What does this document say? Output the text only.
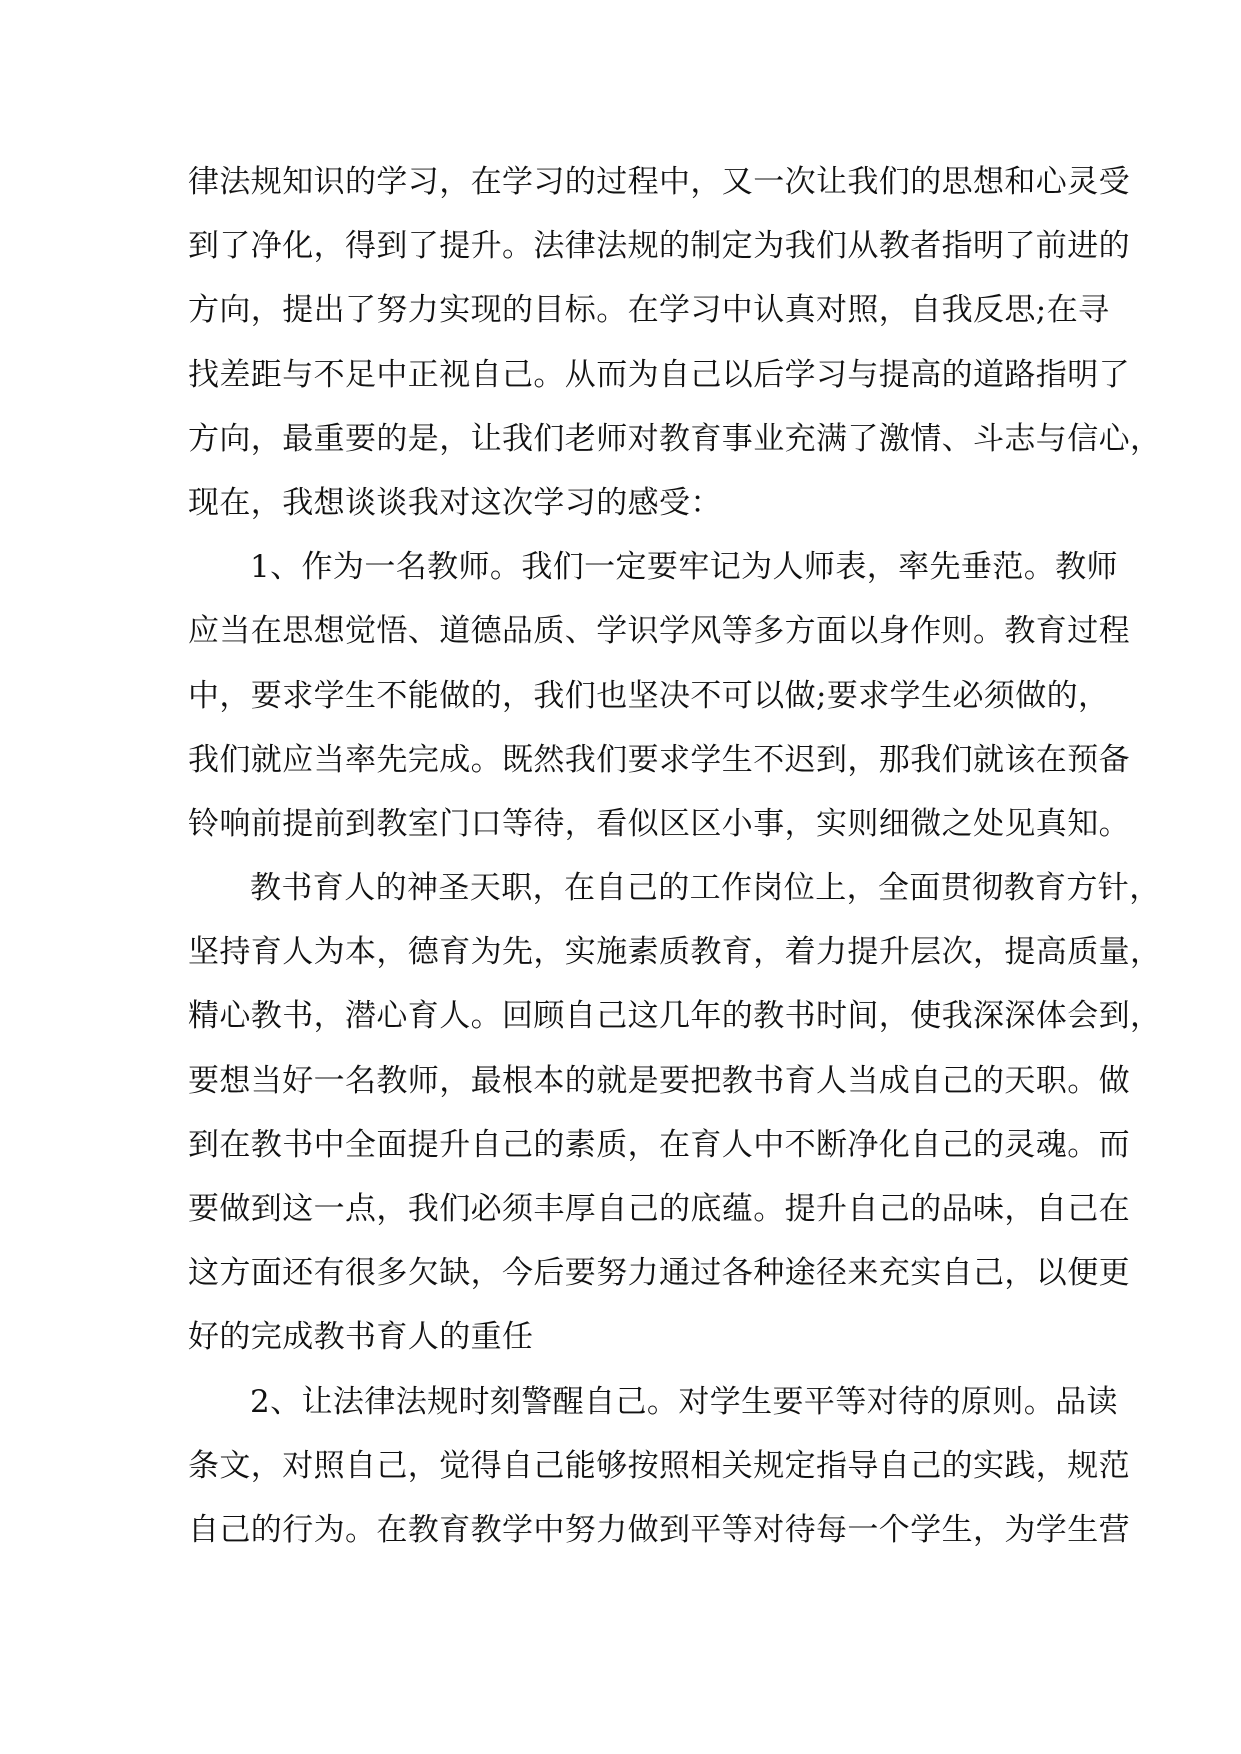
律法规知识的学习，在学习的过程中，又一次让我们的思想和心灵受
到了净化，得到了提升。法律法规的制定为我们从教者指明了前进的
方向，提出了努力实现的目标。在学习中认真对照，自我反思;在寻
找差距与不足中正视自己。从而为自己以后学习与提高的道路指明了
方向，最重要的是，让我们老师对教育事业充满了激情、斗志与信心，
现在，我想谈谈我对这次学习的感受：
1、作为一名教师。我们一定要牢记为人师表，率先垂范。教师
应当在思想觉悟、道德品质、学识学风等多方面以身作则。教育过程
中，要求学生不能做的，我们也坚决不可以做;要求学生必须做的，
我们就应当率先完成。既然我们要求学生不迟到，那我们就该在预备
铃响前提前到教室门口等待，看似区区小事，实则细微之处见真知。
教书育人的神圣天职，在自己的工作岗位上，全面贯彻教育方针，
坚持育人为本，德育为先，实施素质教育，着力提升层次，提高质量，
精心教书，潜心育人。回顾自己这几年的教书时间，使我深深体会到，
要想当好一名教师，最根本的就是要把教书育人当成自己的天职。做
到在教书中全面提升自己的素质，在育人中不断净化自己的灵魂。而
要做到这一点，我们必须丰厚自己的底蕴。提升自己的品味，自己在
这方面还有很多欠缺，今后要努力通过各种途径来充实自己，以便更
好的完成教书育人的重任
2、让法律法规时刻警醒自己。对学生要平等对待的原则。品读
条文，对照自己，觉得自己能够按照相关规定指导自己的实践，规范
自己的行为。在教育教学中努力做到平等对待每一个学生，为学生营
